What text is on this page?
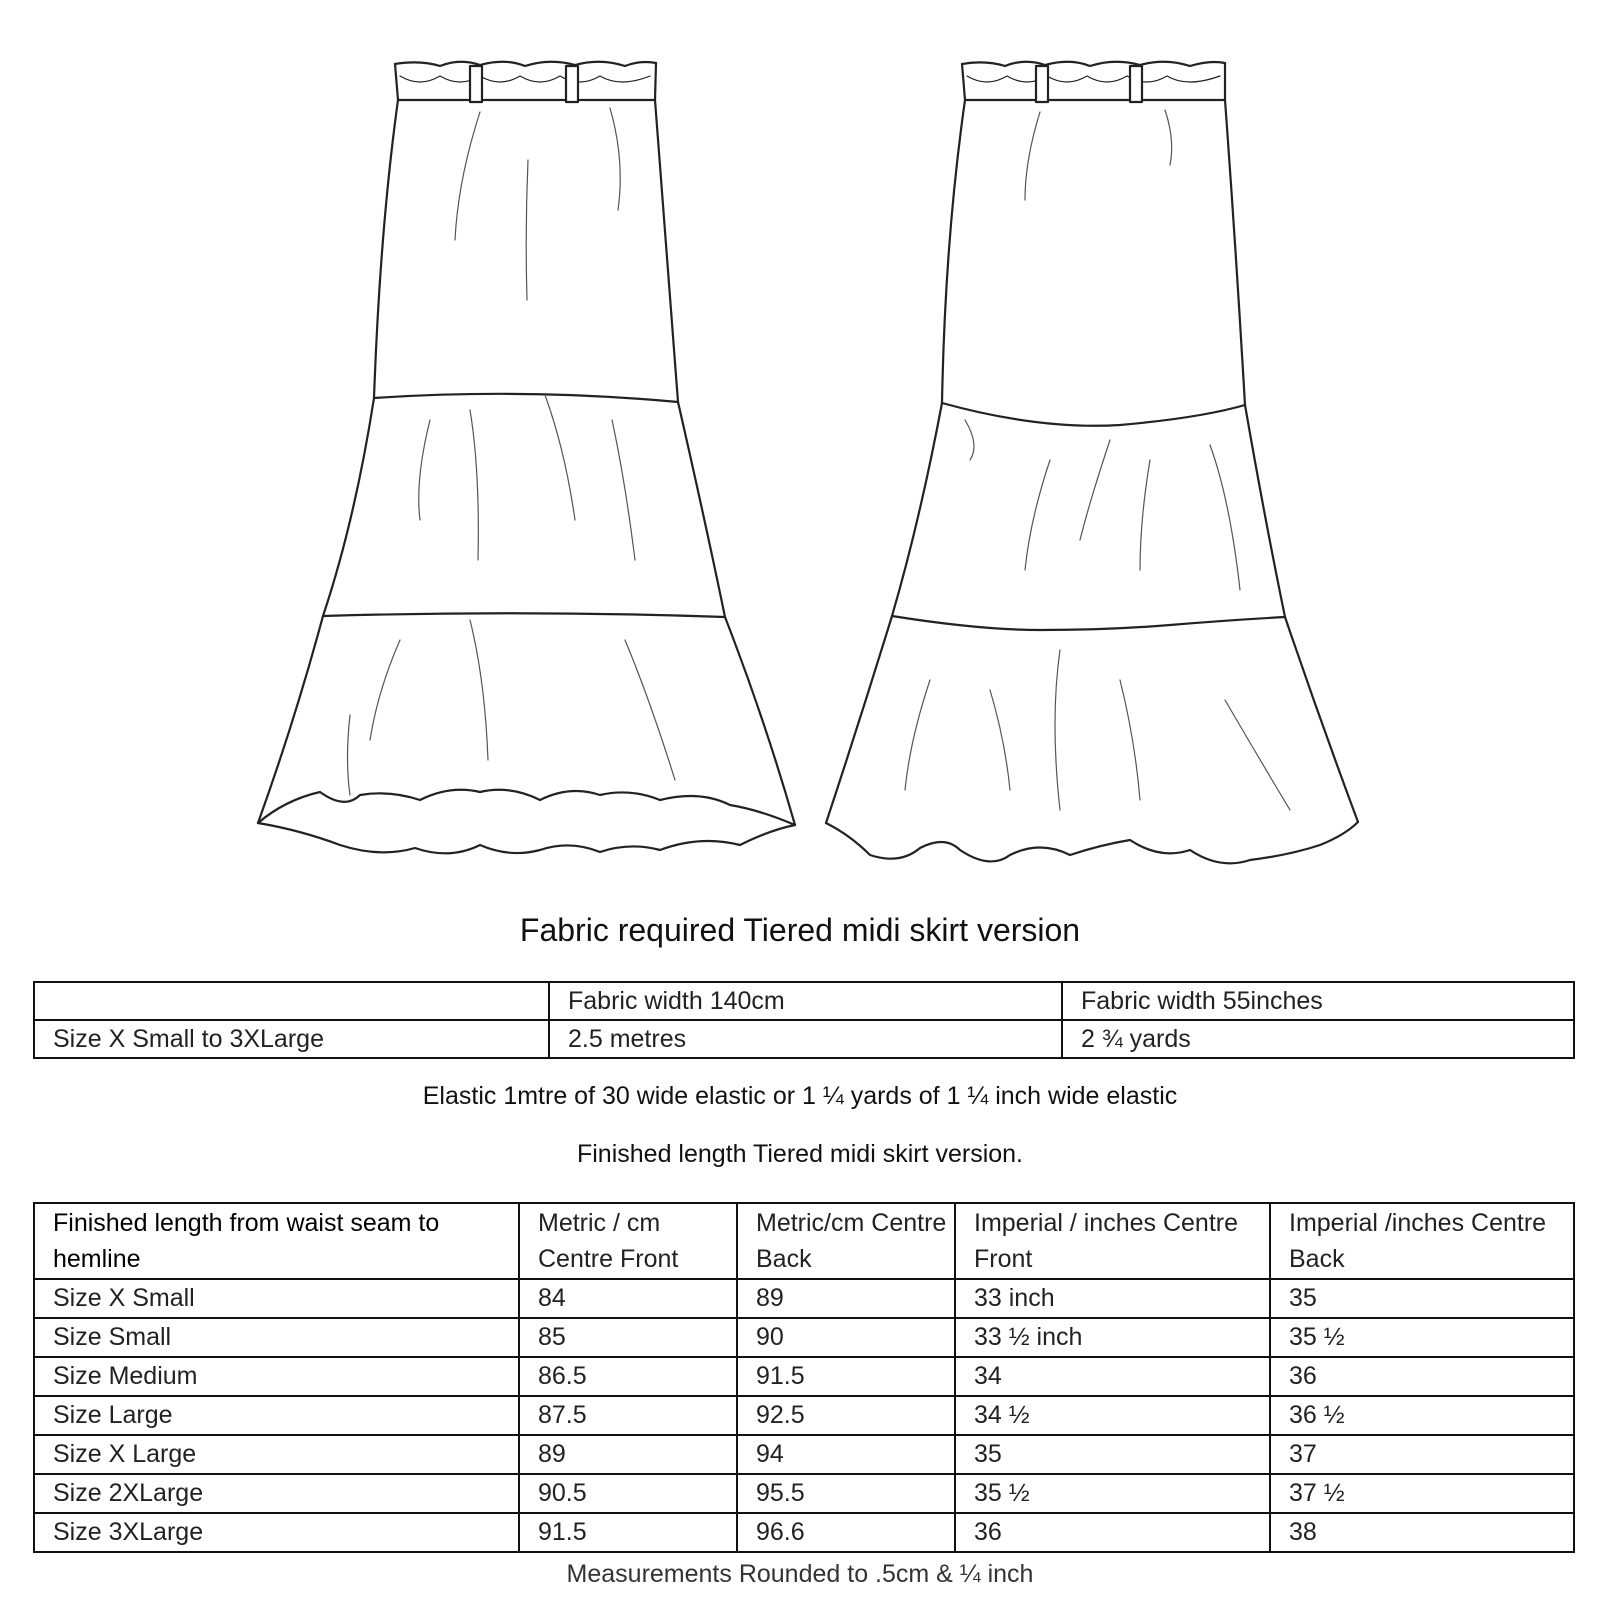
Fabric required Tiered midi skirt version
	Fabric width 140cm	Fabric width 55inches
Size X Small to 3XLarge	2.5 metres	2 ¾ yards
Elastic 1mtre of 30 wide elastic or 1 ¼ yards of 1 ¼ inch wide elastic
Finished length Tiered midi skirt version.
Finished length from waist seam to hemline	Metric / cm Centre Front	Metric/cm Centre Back	Imperial / inches Centre Front	Imperial /inches Centre Back
Size X Small	84	89	33 inch	35
Size Small	85	90	33 ½ inch	35 ½
Size Medium	86.5	91.5	34	36
Size Large	87.5	92.5	34 ½	36 ½
Size X Large	89	94	35	37
Size 2XLarge	90.5	95.5	35 ½	37 ½
Size 3XLarge	91.5	96.6	36	38
Measurements Rounded to .5cm & ¼ inch
